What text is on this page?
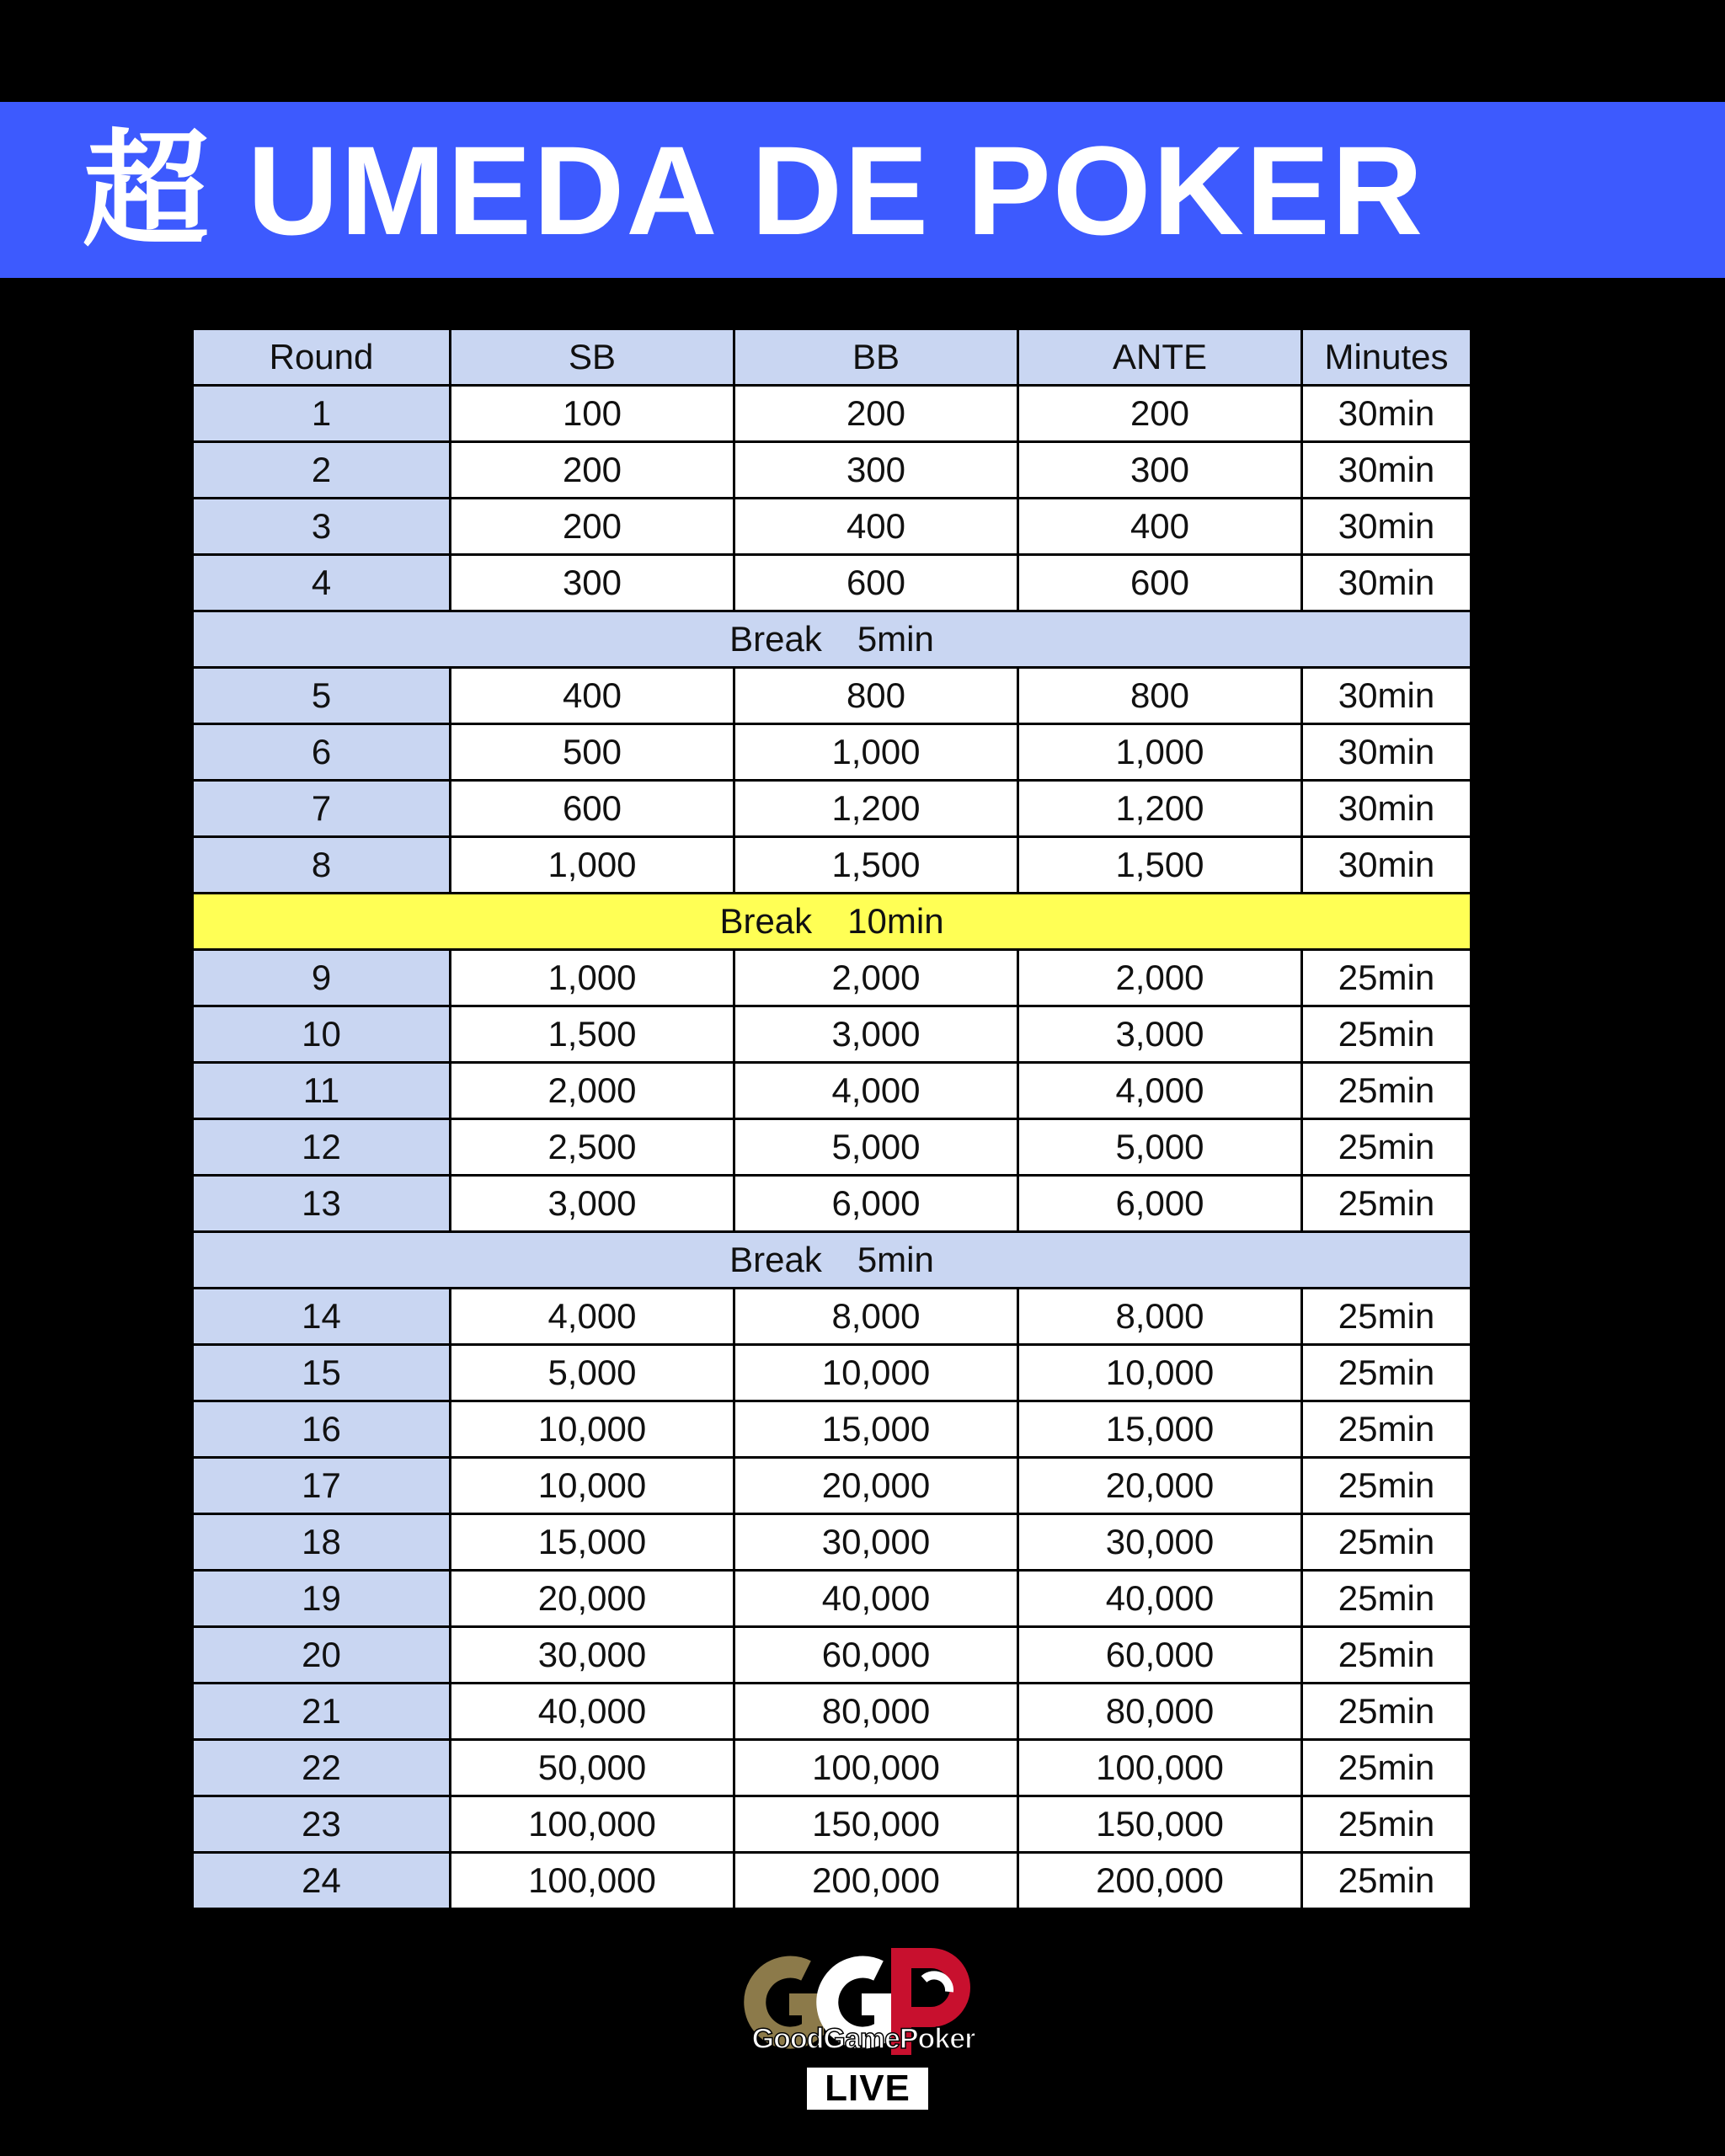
超 UMEDA DE POKER
Round	SB	BB	ANTE	Minutes
1	100	200	200	30min
2	200	300	300	30min
3	200	400	400	30min
4	300	600	600	30min
Break 5min				
5	400	800	800	30min
6	500	1,000	1,000	30min
7	600	1,200	1,200	30min
8	1,000	1,500	1,500	30min
Break 10min				
9	1,000	2,000	2,000	25min
10	1,500	3,000	3,000	25min
11	2,000	4,000	4,000	25min
12	2,500	5,000	5,000	25min
13	3,000	6,000	6,000	25min
Break 5min				
14	4,000	8,000	8,000	25min
15	5,000	10,000	10,000	25min
16	10,000	15,000	15,000	25min
17	10,000	20,000	20,000	25min
18	15,000	30,000	30,000	25min
19	20,000	40,000	40,000	25min
20	30,000	60,000	60,000	25min
21	40,000	80,000	80,000	25min
22	50,000	100,000	100,000	25min
23	100,000	150,000	150,000	25min
24	100,000	200,000	200,000	25min
GoodGamePoker
LIVE
